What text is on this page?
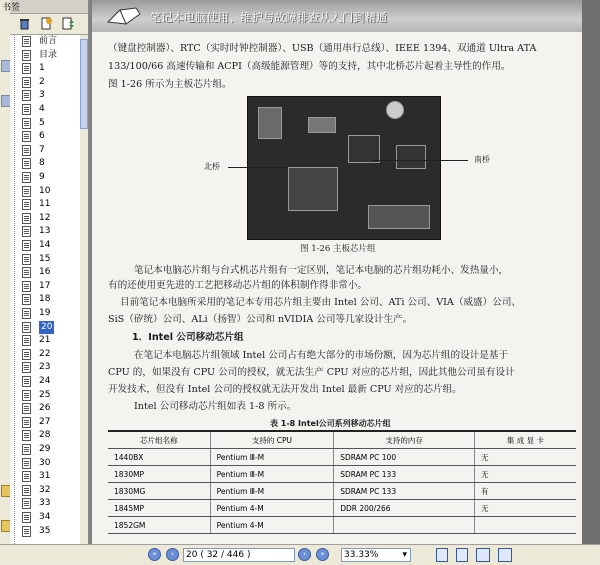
书签
前言
目录
1
2
3
4
5
6
7
8
9
10
11
12
13
14
15
16
17
18
19
20
21
22
23
24
25
26
27
28
29
30
31
32
33
34
35
笔记本电脑使用、维护与故障排查从入门到精通
（键盘控制器）、RTC（实时时钟控制器）、USB（通用串行总线）、IEEE 1394、双通道 Ultra ATA
133/100/66 高速传输和 ACPI（高级能源管理）等的支持，其中北桥芯片起着主导性的作用。
图 1-26 所示为主板芯片组。
北桥
南桥
图 1-26 主板芯片组
笔记本电脑芯片组与台式机芯片组有一定区别，笔记本电脑的芯片组功耗小、发热量小，
有的还使用更先进的工艺把移动芯片组的体积制作得非常小。
目前笔记本电脑所采用的笔记本专用芯片组主要由 Intel 公司、ATi 公司、VIA（威盛）公司、
SiS（矽统）公司、ALi（扬智）公司和 nVIDIA 公司等几家设计生产。
1．Intel 公司移动芯片组
在笔记本电脑芯片组领域 Intel 公司占有绝大部分的市场份额，因为芯片组的设计是基于
CPU 的，如果没有 CPU 公司的授权，就无法生产 CPU 对应的芯片组，因此其他公司虽有设计
开发技术，但没有 Intel 公司的授权就无法开发出 Intel 最新 CPU 对应的芯片组。
Intel 公司移动芯片组如表 1-8 所示。
表 1-8 Intel公司系列移动芯片组
芯片组名称	支持的 CPU	支持的内存	集 成 显 卡
1440BX	Pentium Ⅲ-M	SDRAM PC 100	无
1830MP	Pentium Ⅲ-M	SDRAM PC 133	无
1830MG	Pentium Ⅲ-M	SDRAM PC 133	有
1845MP	Pentium 4-M	DDR 200/266	无
1852GM	Pentium 4-M		
«	‹	20 ( 32 / 446 )	›	»	33.33%	▾
